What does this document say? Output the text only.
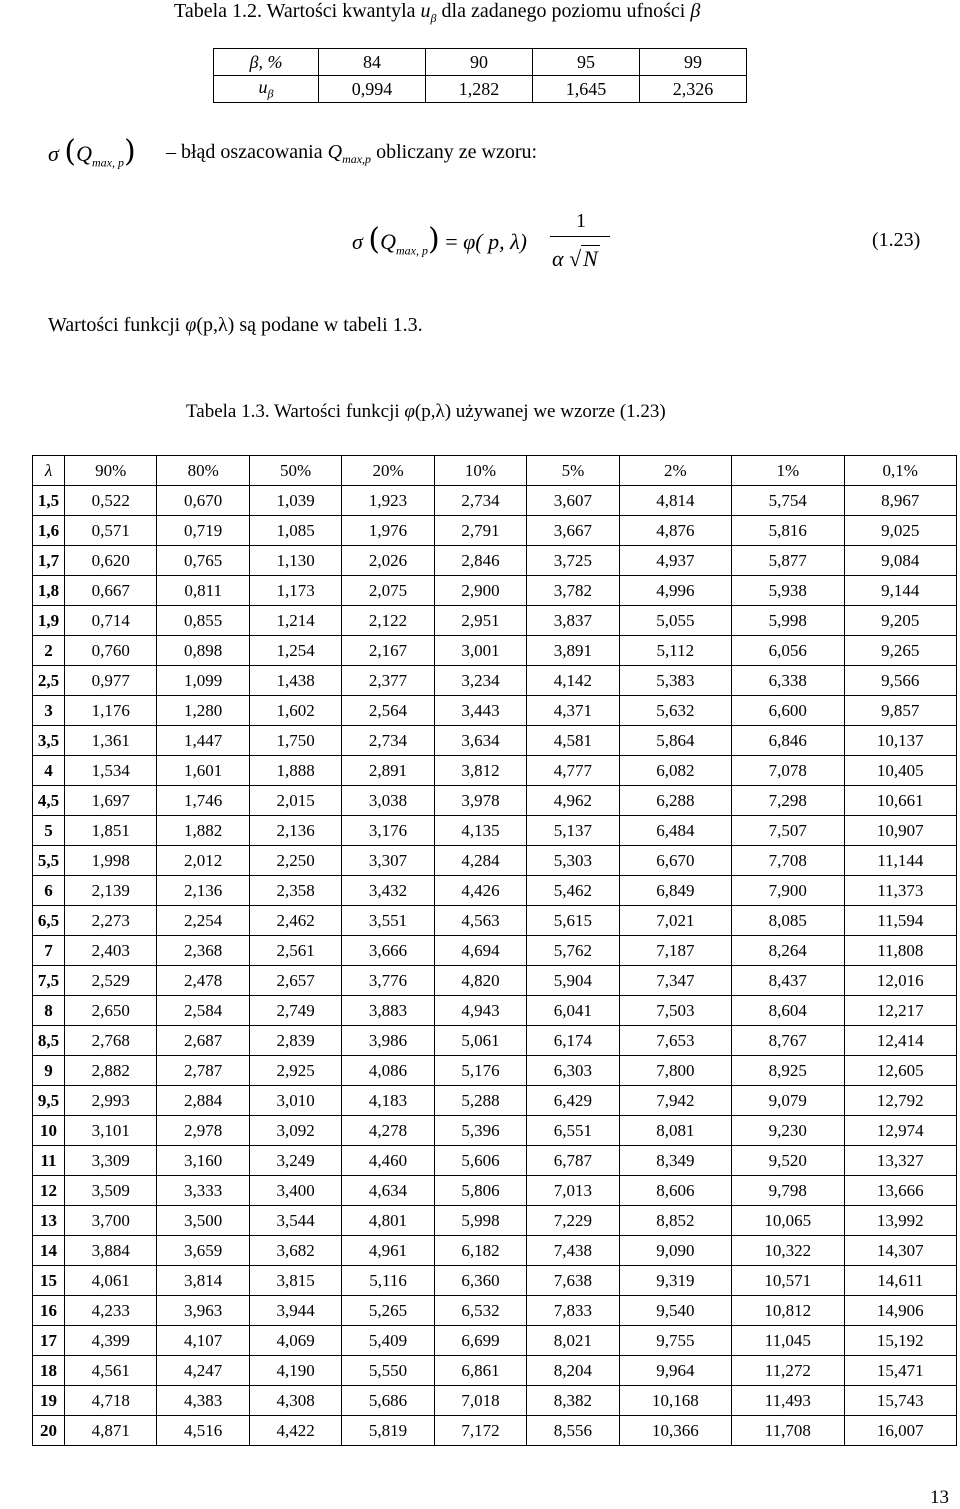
Tabela 1.2. Wartości kwantyla $u_\beta$ dla zadanego poziomu ufności β
β, %	84	90	95	99
$u_\beta$	0,994	1,282	1,645	2,326
σ $(Q_{max, p})$ – błąd oszacowania $Q_{max,p}$ obliczany ze wzoru:
σ $(Q_{max, p}) = \varphi$( p, λ)
1
α √N
(1.23)
Wartości funkcji φ(p,λ) są podane w tabeli 1.3.
Tabela 1.3. Wartości funkcji φ(p,λ) używanej we wzorze (1.23)
λ	90%	80%	50%	20%	10%	5%	2%	1%	0,1%
1,5	0,522	0,670	1,039	1,923	2,734	3,607	4,814	5,754	8,967
1,6	0,571	0,719	1,085	1,976	2,791	3,667	4,876	5,816	9,025
1,7	0,620	0,765	1,130	2,026	2,846	3,725	4,937	5,877	9,084
1,8	0,667	0,811	1,173	2,075	2,900	3,782	4,996	5,938	9,144
1,9	0,714	0,855	1,214	2,122	2,951	3,837	5,055	5,998	9,205
2	0,760	0,898	1,254	2,167	3,001	3,891	5,112	6,056	9,265
2,5	0,977	1,099	1,438	2,377	3,234	4,142	5,383	6,338	9,566
3	1,176	1,280	1,602	2,564	3,443	4,371	5,632	6,600	9,857
3,5	1,361	1,447	1,750	2,734	3,634	4,581	5,864	6,846	10,137
4	1,534	1,601	1,888	2,891	3,812	4,777	6,082	7,078	10,405
4,5	1,697	1,746	2,015	3,038	3,978	4,962	6,288	7,298	10,661
5	1,851	1,882	2,136	3,176	4,135	5,137	6,484	7,507	10,907
5,5	1,998	2,012	2,250	3,307	4,284	5,303	6,670	7,708	11,144
6	2,139	2,136	2,358	3,432	4,426	5,462	6,849	7,900	11,373
6,5	2,273	2,254	2,462	3,551	4,563	5,615	7,021	8,085	11,594
7	2,403	2,368	2,561	3,666	4,694	5,762	7,187	8,264	11,808
7,5	2,529	2,478	2,657	3,776	4,820	5,904	7,347	8,437	12,016
8	2,650	2,584	2,749	3,883	4,943	6,041	7,503	8,604	12,217
8,5	2,768	2,687	2,839	3,986	5,061	6,174	7,653	8,767	12,414
9	2,882	2,787	2,925	4,086	5,176	6,303	7,800	8,925	12,605
9,5	2,993	2,884	3,010	4,183	5,288	6,429	7,942	9,079	12,792
10	3,101	2,978	3,092	4,278	5,396	6,551	8,081	9,230	12,974
11	3,309	3,160	3,249	4,460	5,606	6,787	8,349	9,520	13,327
12	3,509	3,333	3,400	4,634	5,806	7,013	8,606	9,798	13,666
13	3,700	3,500	3,544	4,801	5,998	7,229	8,852	10,065	13,992
14	3,884	3,659	3,682	4,961	6,182	7,438	9,090	10,322	14,307
15	4,061	3,814	3,815	5,116	6,360	7,638	9,319	10,571	14,611
16	4,233	3,963	3,944	5,265	6,532	7,833	9,540	10,812	14,906
17	4,399	4,107	4,069	5,409	6,699	8,021	9,755	11,045	15,192
18	4,561	4,247	4,190	5,550	6,861	8,204	9,964	11,272	15,471
19	4,718	4,383	4,308	5,686	7,018	8,382	10,168	11,493	15,743
20	4,871	4,516	4,422	5,819	7,172	8,556	10,366	11,708	16,007
13
